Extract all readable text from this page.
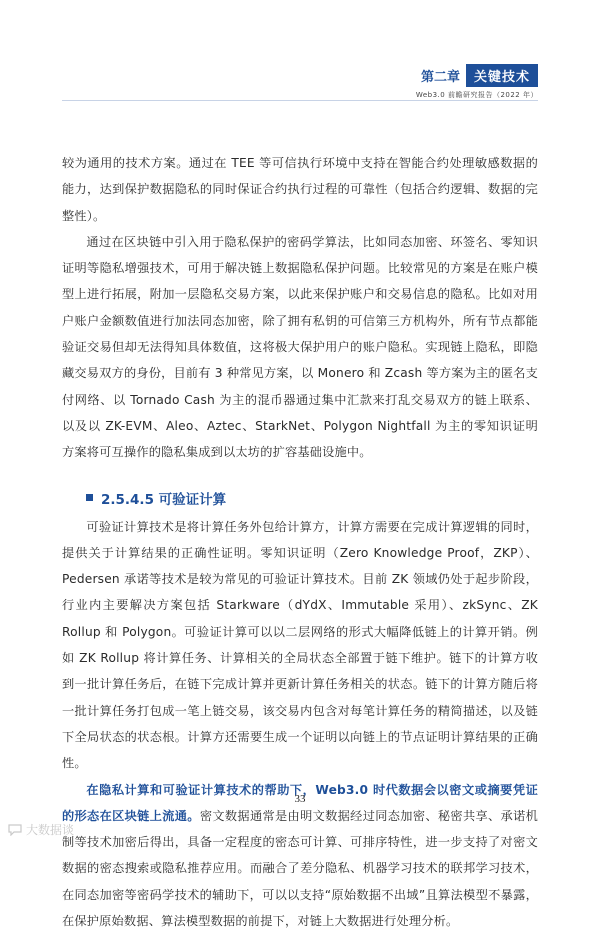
第二章	关键技术
Web3.0 前瞻研究报告（2022 年）

较为通用的技术方案。通过在 TEE 等可信执行环境中支持在智能合约处理敏感数据的能力，达到保护数据隐私的同时保证合约执行过程的可靠性（包括合约逻辑、数据的完整性）。

通过在区块链中引入用于隐私保护的密码学算法，比如同态加密、环签名、零知识证明等隐私增强技术，可用于解决链上数据隐私保护问题。比较常见的方案是在账户模型上进行拓展，附加一层隐私交易方案，以此来保护账户和交易信息的隐私。比如对用户账户金额数值进行加法同态加密，除了拥有私钥的可信第三方机构外，所有节点都能验证交易但却无法得知具体数值，这将极大保护用户的账户隐私。实现链上隐私，即隐藏交易双方的身份，目前有 3 种常见方案，以 Monero 和 Zcash 等方案为主的匿名支付网络、以 Tornado Cash 为主的混币器通过集中汇款来打乱交易双方的链上联系、以及以 ZK-EVM、Aleo、Aztec、StarkNet、Polygon Nightfall 为主的零知识证明方案将可互操作的隐私集成到以太坊的扩容基础设施中。

2.5.4.5 可验证计算

可验证计算技术是将计算任务外包给计算方，计算方需要在完成计算逻辑的同时，提供关于计算结果的正确性证明。零知识证明（Zero Knowledge Proof，ZKP）、Pedersen 承诺等技术是较为常见的可验证计算技术。目前 ZK 领域仍处于起步阶段，行业内主要解决方案包括 Starkware（dYdX、Immutable 采用）、zkSync、ZK Rollup 和 Polygon。可验证计算可以以二层网络的形式大幅降低链上的计算开销。例如 ZK Rollup 将计算任务、计算相关的全局状态全部置于链下维护。链下的计算方收到一批计算任务后，在链下完成计算并更新计算任务相关的状态。链下的计算方随后将一批计算任务打包成一笔上链交易，该交易内包含对每笔计算任务的精简描述，以及链下全局状态的状态根。计算方还需要生成一个证明以向链上的节点证明计算结果的正确性。

在隐私计算和可验证计算技术的帮助下，Web3.0 时代数据会以密文或摘要凭证的形态在区块链上流通。密文数据通常是由明文数据经过同态加密、秘密共享、承诺机制等技术加密后得出，具备一定程度的密态可计算、可排序特性，进一步支持了对密文数据的密态搜索或隐私推荐应用。而融合了差分隐私、机器学习技术的联邦学习技术，在同态加密等密码学技术的辅助下，可以以支持“原始数据不出域”且算法模型不暴露，在保护原始数据、算法模型数据的前提下，对链上大数据进行处理分析。

33
大数据谈
